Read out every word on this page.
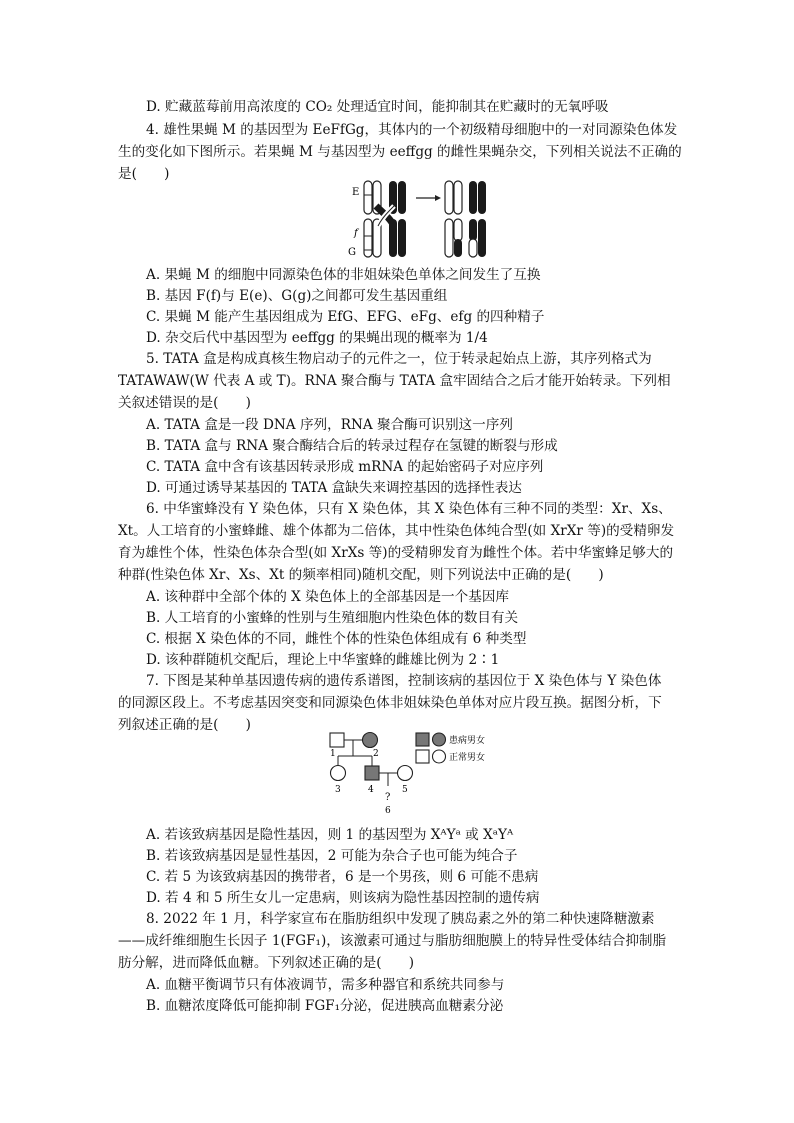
D. 贮藏蓝莓前用高浓度的 CO₂ 处理适宜时间，能抑制其在贮藏时的无氧呼吸
4. 雄性果蝇 M 的基因型为 EeFfGg，其体内的一个初级精母细胞中的一对同源染色体发
生的变化如下图所示。若果蝇 M 与基因型为 eeffgg 的雌性果蝇杂交，下列相关说法不正确的
是(　　)
E
f
G
A. 果蝇 M 的细胞中同源染色体的非姐妹染色单体之间发生了互换
B. 基因 F(f)与 E(e)、G(g)之间都可发生基因重组
C. 果蝇 M 能产生基因组成为 EfG、EFG、eFg、efg 的四种精子
D. 杂交后代中基因型为 eeffgg 的果蝇出现的概率为 1/4
5. TATA 盒是构成真核生物启动子的元件之一，位于转录起始点上游，其序列格式为
TATAWAW(W 代表 A 或 T)。RNA 聚合酶与 TATA 盒牢固结合之后才能开始转录。下列相
关叙述错误的是(　　)
A. TATA 盒是一段 DNA 序列，RNA 聚合酶可识别这一序列
B. TATA 盒与 RNA 聚合酶结合后的转录过程存在氢键的断裂与形成
C. TATA 盒中含有该基因转录形成 mRNA 的起始密码子对应序列
D. 可通过诱导某基因的 TATA 盒缺失来调控基因的选择性表达
6. 中华蜜蜂没有 Y 染色体，只有 X 染色体，其 X 染色体有三种不同的类型：Xr、Xs、
Xt。人工培育的小蜜蜂雌、雄个体都为二倍体，其中性染色体纯合型(如 XrXr 等)的受精卵发
育为雄性个体，性染色体杂合型(如 XrXs 等)的受精卵发育为雌性个体。若中华蜜蜂足够大的
种群(性染色体 Xr、Xs、Xt 的频率相同)随机交配，则下列说法中正确的是(　　)
A. 该种群中全部个体的 X 染色体上的全部基因是一个基因库
B. 人工培育的小蜜蜂的性别与生殖细胞内性染色体的数目有关
C. 根据 X 染色体的不同，雌性个体的性染色体组成有 6 种类型
D. 该种群随机交配后，理论上中华蜜蜂的雌雄比例为 2∶1
7. 下图是某种单基因遗传病的遗传系谱图，控制该病的基因位于 X 染色体与 Y 染色体
的同源区段上。不考虑基因突变和同源染色体非姐妹染色单体对应片段互换。据图分析，下
列叙述正确的是(　　)
1	2
3	4	5
?
6
患病男女
正常男女
A. 若该致病基因是隐性基因，则 1 的基因型为 XᴬYᵃ 或 XᵃYᴬ
B. 若该致病基因是显性基因，2 可能为杂合子也可能为纯合子
C. 若 5 为该致病基因的携带者，6 是一个男孩，则 6 可能不患病
D. 若 4 和 5 所生女儿一定患病，则该病为隐性基因控制的遗传病
8. 2022 年 1 月，科学家宣布在脂肪组织中发现了胰岛素之外的第二种快速降糖激素
——成纤维细胞生长因子 1(FGF₁)，该激素可通过与脂肪细胞膜上的特异性受体结合抑制脂
肪分解，进而降低血糖。下列叙述正确的是(　　)
A. 血糖平衡调节只有体液调节，需多种器官和系统共同参与
B. 血糖浓度降低可能抑制 FGF₁分泌，促进胰高血糖素分泌
